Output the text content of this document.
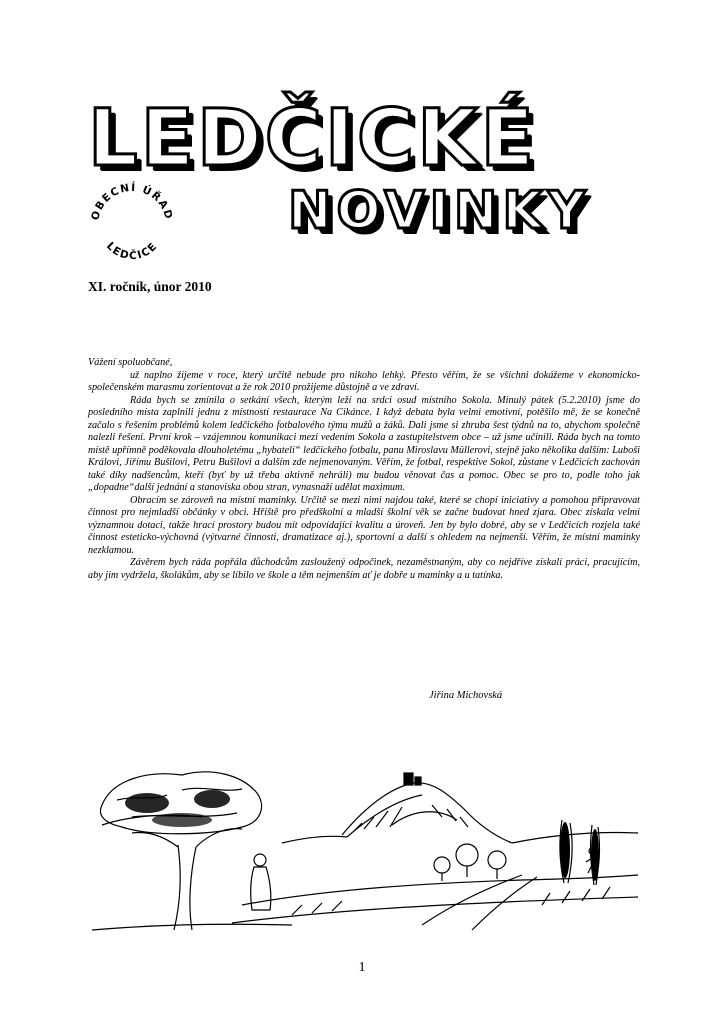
LEDČICKÉ
NOVINKY
OBECNÍ ÚŘAD
LEDČICE
XI. ročník, únor 2010

Vážení spoluobčané,

už naplno žijeme v roce, který určitě nebude pro nikoho lehký. Přesto věřím, že se všichni dokážeme v ekonomicko-společenském marasmu zorientovat a že rok 2010 prožijeme důstojně a ve zdraví.

Ráda bych se zmínila o setkání všech, kterým leží na srdci osud místního Sokola. Minulý pátek (5.2.2010) jsme do posledního místa zaplnili jednu z místností restaurace Na Cikánce. I když debata byla velmi emotivní, potěšilo mě, že se konečně začalo s řešením problémů kolem ledčického fotbalového týmu mužů a žáků. Dali jsme si zhruba šest týdnů na to, abychom společně nalezli řešení. První krok – vzájemnou komunikaci mezi vedením Sokola a zastupitelstvem obce – už jsme učinili. Ráda bych na tomto místě upřímně poděkovala dlouholetému „hybateli“ ledčického fotbalu, panu Miroslavu Müllerovi, stejně jako několika dalším: Luboši Královi, Jiřímu Bušilovi, Petru Bušilovi a dalším zde nejmenovaným. Věřím, že fotbal, respektive Sokol, zůstane v Ledčicích zachován také díky nadšencům, kteří (byť by už třeba aktivně nehráli) mu budou věnovat čas a pomoc. Obec se pro to, podle toho jak „dopadne“další jednání a stanoviska obou stran, vynasnaží udělat maximum.

Obracím se zároveň na místní maminky. Určitě se mezi nimi najdou také, které se chopí iniciativy a pomohou připravovat činnost pro nejmladší občánky v obci. Hřiště pro předškolní a mladší školní věk se začne budovat hned zjara. Obec získala velmi významnou dotaci, takže hrací prostory budou mít odpovídající kvalitu a úroveň. Jen by bylo dobré, aby se v Ledčicích rozjela také činnost esteticko-výchovná (výtvarné činnosti, dramatizace aj.), sportovní a další s ohledem na nejmenší. Věřím, že místní maminky nezklamou.

Závěrem bych ráda popřála důchodcům zasloužený odpočinek, nezaměstnaným, aby co nejdříve získali práci, pracujícím, aby jim vydržela, školákům, aby se líbilo ve škole a těm nejmenším ať je dobře u maminky a u tatínka.

Jiřina Michovská
1
